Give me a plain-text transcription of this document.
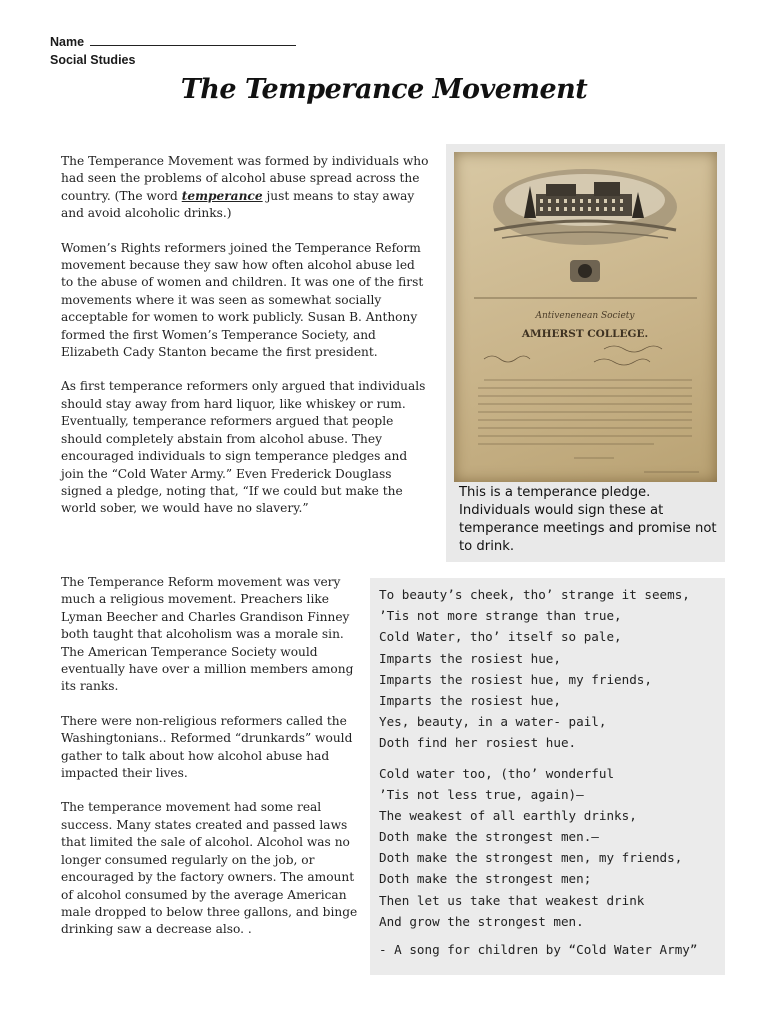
Name
Social Studies
The Temperance Movement

The Temperance Movement was formed by individuals who had seen the problems of alcohol abuse spread across the country. (The word temperance just means to stay away and avoid alcoholic drinks.)

Women’s Rights reformers joined the Temperance Reform movement because they saw how often alcohol abuse led to the abuse of women and children. It was one of the first movements where it was seen as somewhat socially acceptable for women to work publicly. Susan B. Anthony formed the first Women’s Temperance Society, and Elizabeth Cady Stanton became the first president.

As first temperance reformers only argued that individuals should stay away from hard liquor, like whiskey or rum. Eventually, temperance reformers argued that people should completely abstain from alcohol abuse. They encouraged individuals to sign temperance pledges and join the “Cold Water Army.” Even Frederick Douglass signed a pledge, noting that, “If we could but make the world sober, we would have no slavery.”

The Temperance Reform movement was very much a religious movement. Preachers like Lyman Beecher and Charles Grandison Finney both taught that alcoholism was a morale sin. The American Temperance Society would eventually have over a million members among its ranks.

There were non-religious reformers called the Washingtonians.. Reformed “drunkards” would gather to talk about how alcohol abuse had impacted their lives.

The temperance movement had some real success. Many states created and passed laws that limited the sale of alcohol. Alcohol was no longer consumed regularly on the job, or encouraged by the factory owners. The amount of alcohol consumed by the average American male dropped to below three gallons, and binge drinking saw a decrease also. .

Antivenenean Society
AMHERST COLLEGE.
This is a temperance pledge. Individuals would sign these at temperance meetings and promise not to drink.
To beauty’s cheek, tho’ strange it seems,
’Tis not more strange than true,
Cold Water, tho’ itself so pale,
Imparts the rosiest hue,
Imparts the rosiest hue, my friends,
Imparts the rosiest hue,
Yes, beauty, in a water- pail,
Doth find her rosiest hue.
Cold water too, (tho’ wonderful
’Tis not less true, again)—
The weakest of all earthly drinks,
Doth make the strongest men.—
Doth make the strongest men, my friends,
Doth make the strongest men;
Then let us take that weakest drink
And grow the strongest men.
- A song for children by “Cold Water Army”
